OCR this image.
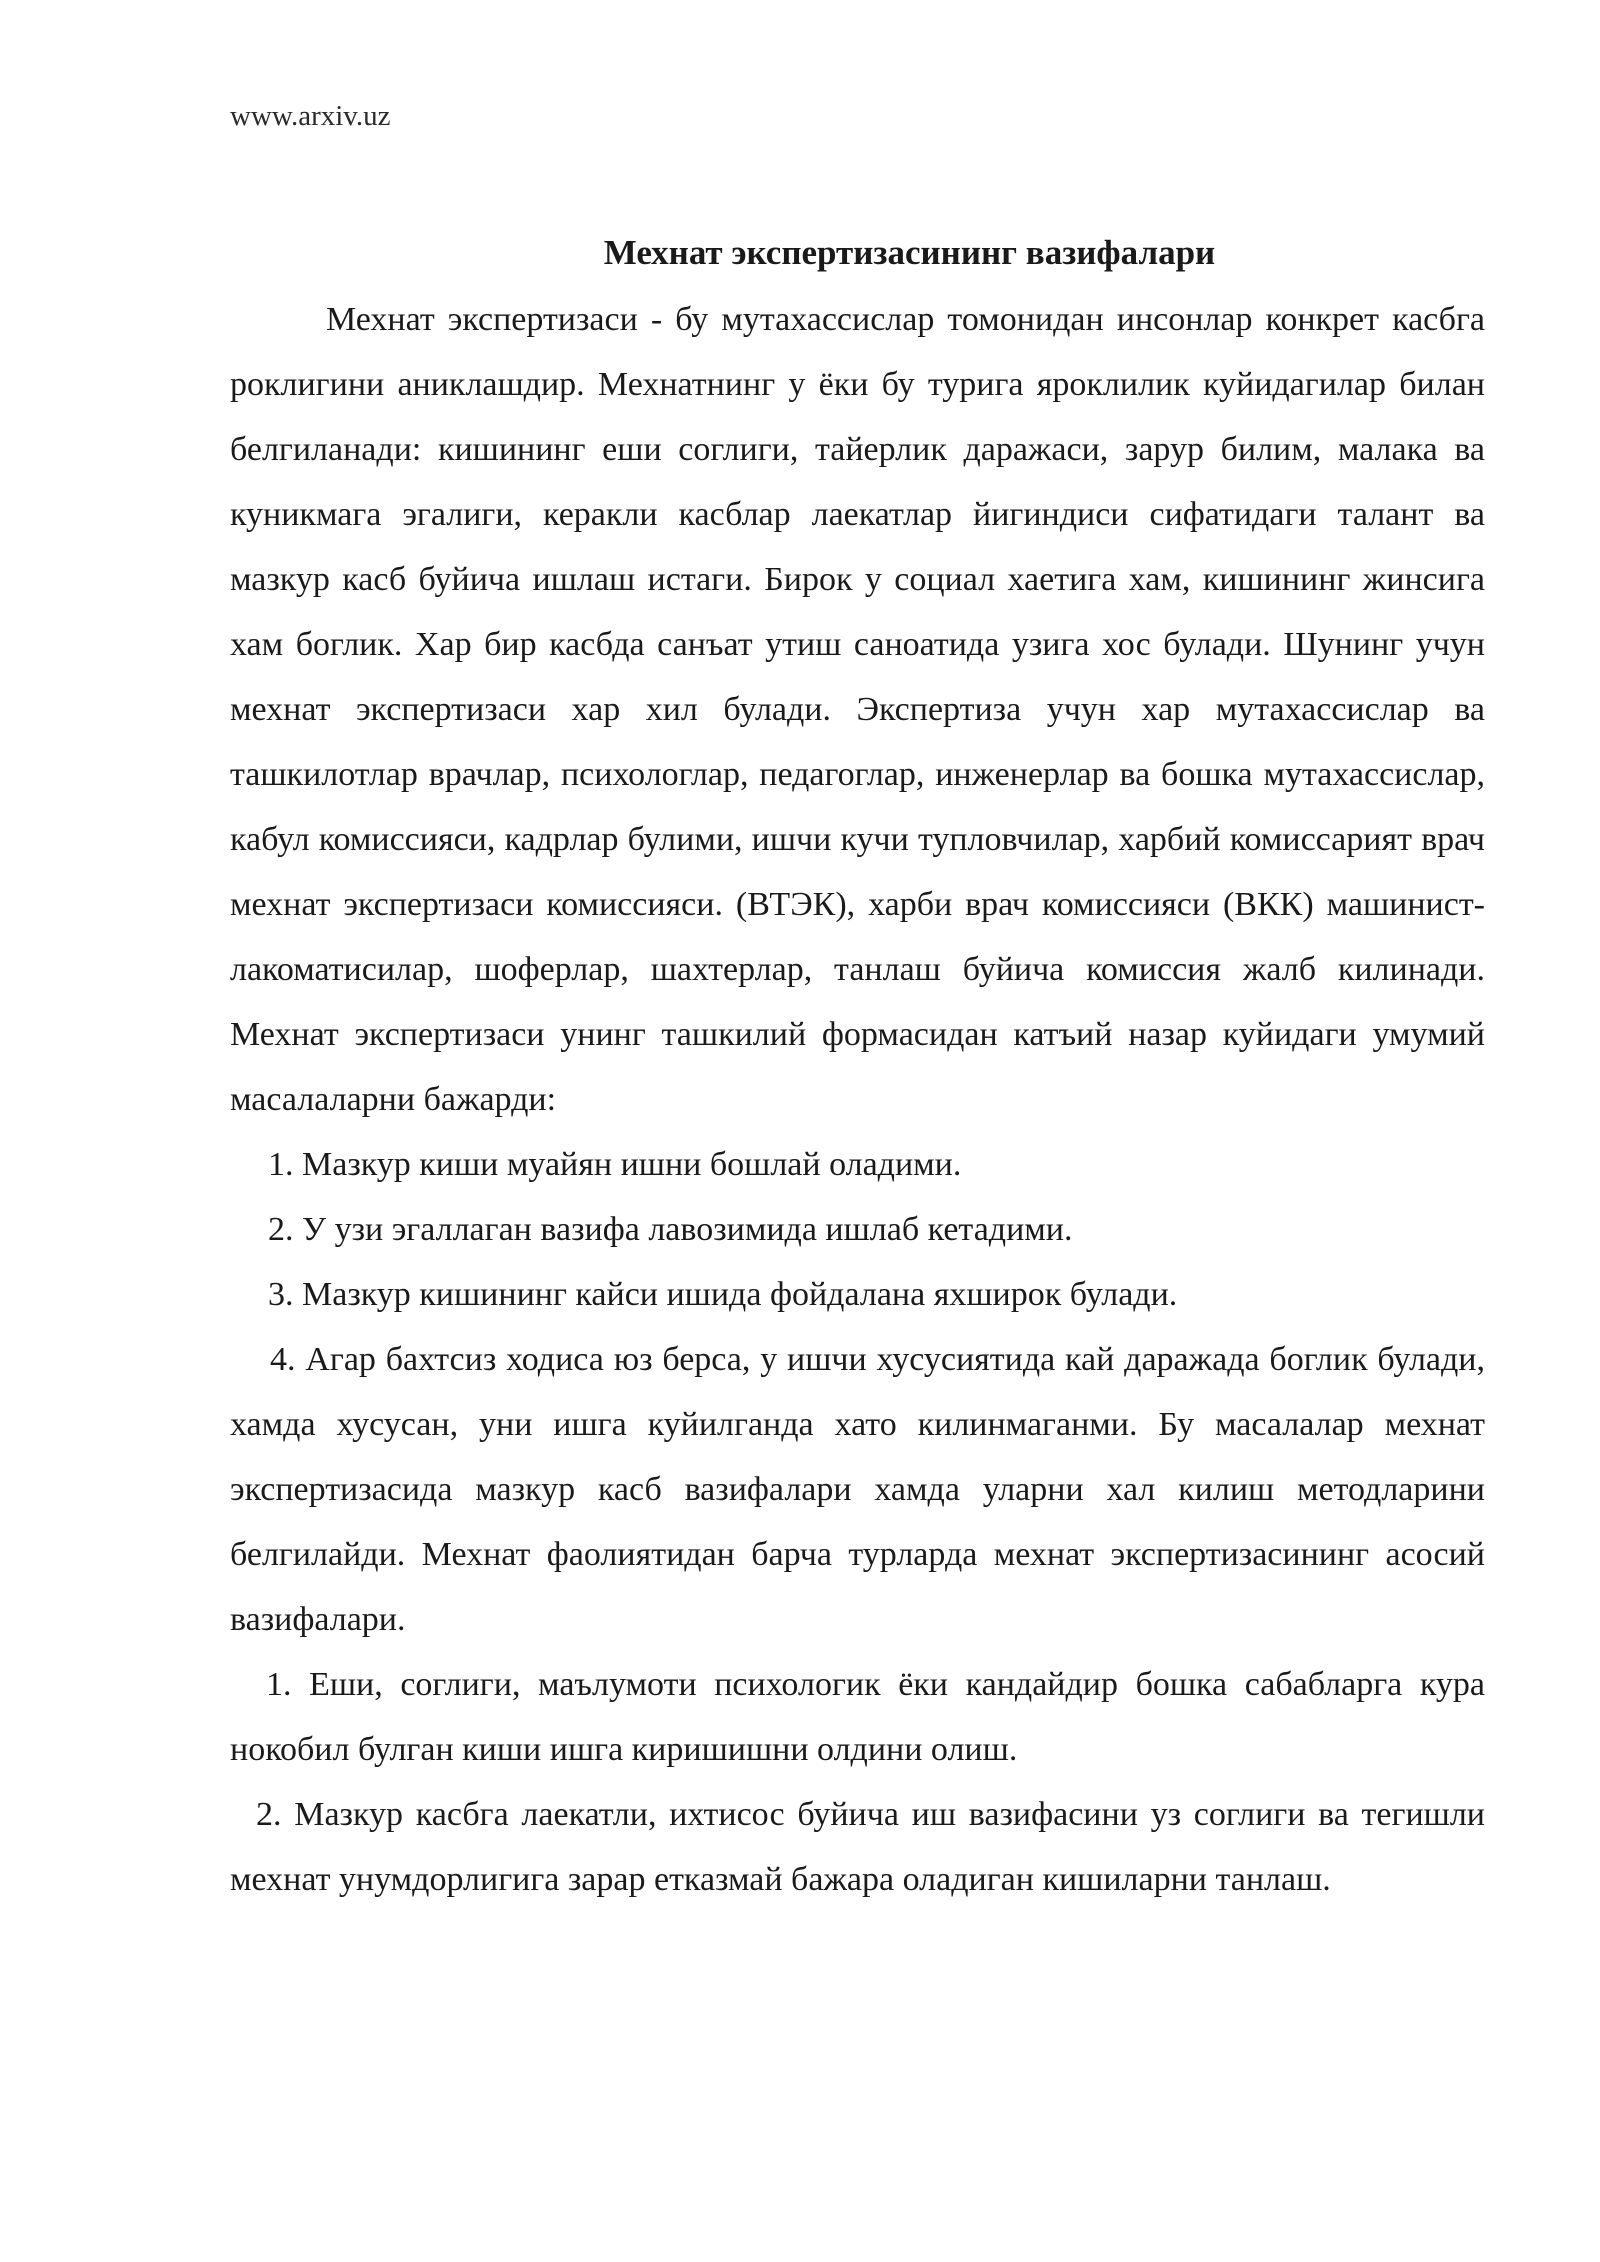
www.arxiv.uz
Мехнат экспертизасининг вазифалари

Мехнат экспертизаси - бу мутахассислар томонидан инсонлар конкрет касбга роклигини аниклашдир. Мехнатнинг у ёки бу турига яроклилик куйидагилар билан белгиланади: кишининг еши соглиги, тайерлик даражаси, зарур билим, малака ва куникмага эгалиги, керакли касблар лаекатлар йигиндиси сифатидаги талант ва мазкур касб буйича ишлаш истаги. Бирок у социал хаетига хам, кишининг жинсига хам боглик. Хар бир касбда санъат утиш саноатида узига хос булади. Шунинг учун мехнат экспертизаси хар хил булади. Экспертиза учун хар мутахассислар ва ташкилотлар врачлар, психологлар, педагоглар, инженерлар ва бошка мутахассислар, кабул комиссияси, кадрлар булими, ишчи кучи тупловчилар, харбий комиссарият врач мехнат экспертизаси комиссияси. (ВТЭК), харби врач комиссияси (ВКК) машинист-лакоматисилар, шоферлар, шахтерлар, танлаш буйича комиссия жалб килинади. Мехнат экспертизаси унинг ташкилий формасидан катъий назар куйидаги умумий масалаларни бажарди:

1. Мазкур киши муайян ишни бошлай оладими.

2. У узи эгаллаган вазифа лавозимида ишлаб кетадими.

3. Мазкур кишининг кайси ишида фойдалана яхширок булади.

4. Агар бахтсиз ходиса юз берса, у ишчи хусусиятида кай даражада боглик булади, хамда хусусан, уни ишга куйилганда хато килинмаганми. Бу масалалар мехнат экспертизасида мазкур касб вазифалари хамда уларни хал килиш методларини белгилайди. Мехнат фаолиятидан барча турларда мехнат экспертизасининг асосий вазифалари.

1. Еши, соглиги, маълумоти психологик ёки кандайдир бошка сабабларга кура нокобил булган киши ишга киришишни олдини олиш.

2. Мазкур касбга лаекатли, ихтисос буйича иш вазифасини уз соглиги ва тегишли мехнат унумдорлигига зарар етказмай бажара оладиган кишиларни танлаш.
